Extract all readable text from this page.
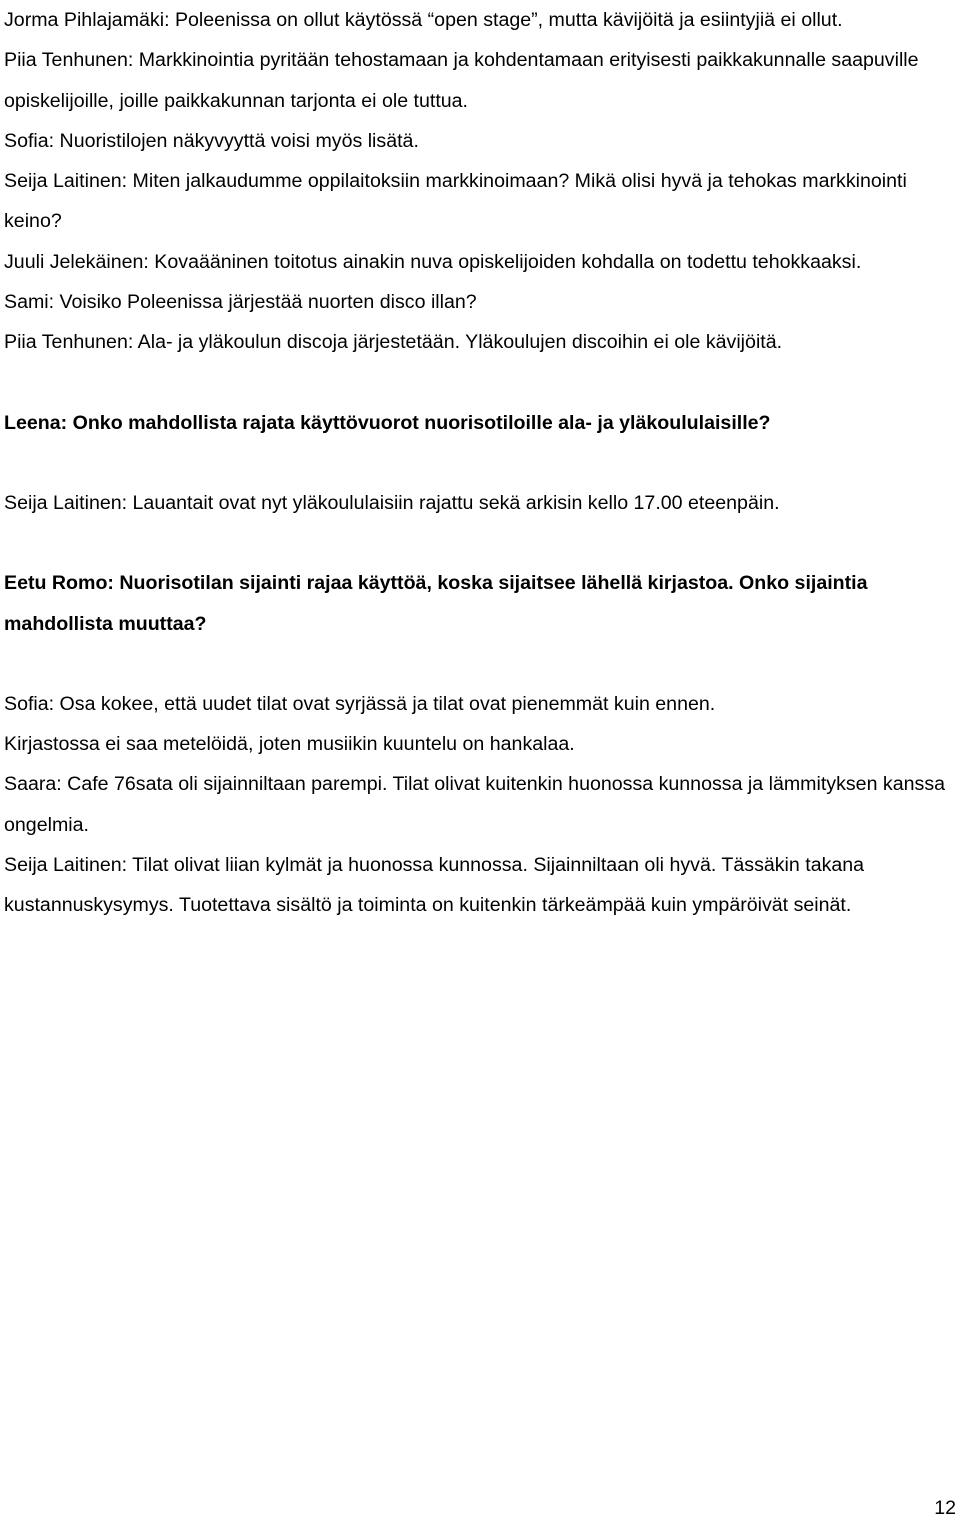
Jorma Pihlajamäki: Poleenissa on ollut käytössä “open stage”, mutta kävijöitä ja esiintyjiä ei ollut.

Piia Tenhunen: Markkinointia pyritään tehostamaan ja kohdentamaan erityisesti paikkakunnalle saapuville opiskelijoille, joille paikkakunnan tarjonta ei ole tuttua.

Sofia: Nuoristilojen näkyvyyttä voisi myös lisätä.

Seija Laitinen: Miten jalkaudumme oppilaitoksiin markkinoimaan? Mikä olisi hyvä ja tehokas markkinointi keino?

Juuli Jelekäinen: Kovaääninen toitotus ainakin nuva opiskelijoiden kohdalla on todettu tehokkaaksi.

Sami: Voisiko Poleenissa järjestää nuorten disco illan?

Piia Tenhunen: Ala- ja yläkoulun discoja järjestetään. Yläkoulujen discoihin ei ole kävijöitä.

Leena: Onko mahdollista rajata käyttövuorot nuorisotiloille ala- ja yläkoululaisille?

Seija Laitinen: Lauantait ovat nyt yläkoululaisiin rajattu sekä arkisin kello 17.00 eteenpäin.

Eetu Romo: Nuorisotilan sijainti rajaa käyttöä, koska sijaitsee lähellä kirjastoa. Onko sijaintia mahdollista muuttaa?

Sofia: Osa kokee, että uudet tilat ovat syrjässä ja tilat ovat pienemmät kuin ennen.

Kirjastossa ei saa metelöidä, joten musiikin kuuntelu on hankalaa.

Saara: Cafe 76sata oli sijainniltaan parempi. Tilat olivat kuitenkin huonossa kunnossa ja lämmityksen kanssa ongelmia.

Seija Laitinen: Tilat olivat liian kylmät ja huonossa kunnossa. Sijainniltaan oli hyvä. Tässäkin takana kustannuskysymys. Tuotettava sisältö ja toiminta on kuitenkin tärkeämpää kuin ympäröivät seinät.

12
